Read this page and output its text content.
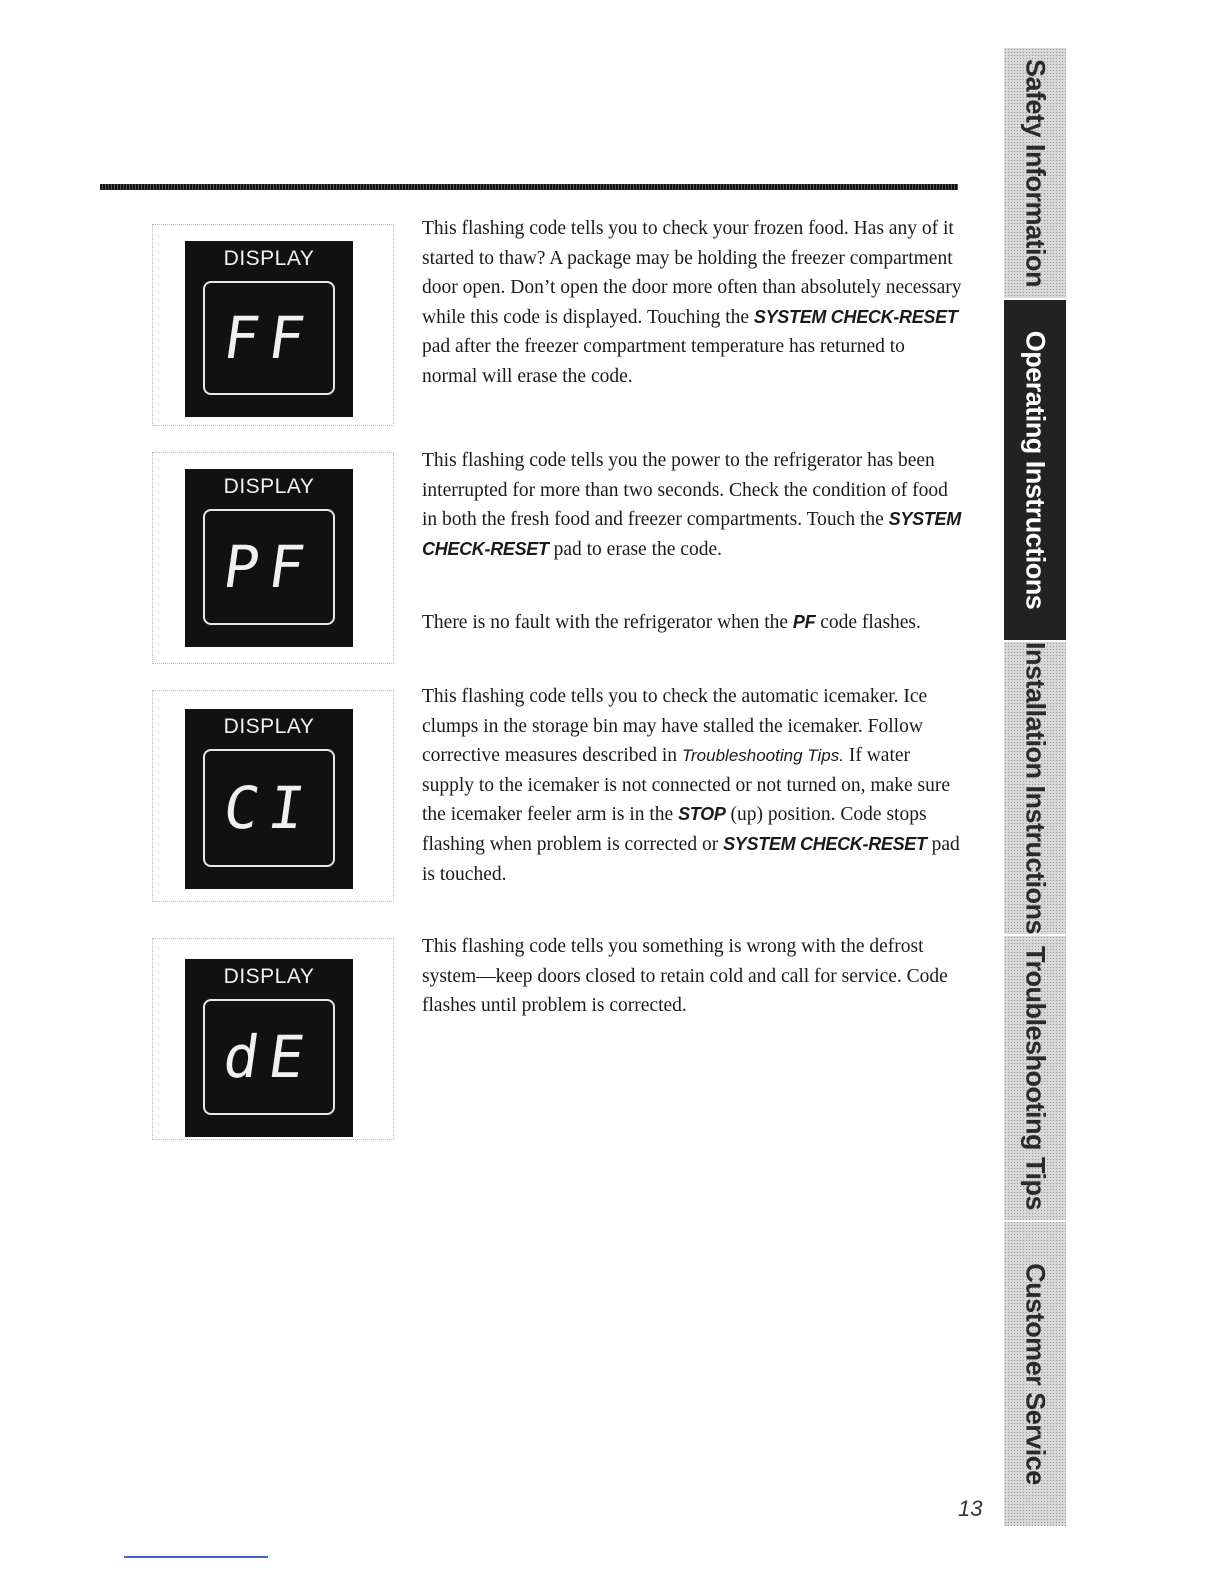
DISPLAY
FF
DISPLAY
PF
DISPLAY
CI
DISPLAY
dE

This flashing code tells you to check your frozen food. Has any of it started to thaw? A package may be holding the freezer compartment door open. Don’t open the door more often than absolutely necessary while this code is displayed. Touching the SYSTEM CHECK-RESET pad after the freezer compartment temperature has returned to normal will erase the code.

This flashing code tells you the power to the refrigerator has been interrupted for more than two seconds. Check the condition of food in both the fresh food and freezer compartments. Touch the SYSTEM CHECK-RESET pad to erase the code.

There is no fault with the refrigerator when the PF code flashes.

This flashing code tells you to check the automatic icemaker. Ice clumps in the storage bin may have stalled the icemaker. Follow corrective measures described in Troubleshooting Tips. If water supply to the icemaker is not connected or not turned on, make sure the icemaker feeler arm is in the STOP (up) position. Code stops flashing when problem is corrected or SYSTEM CHECK-RESET pad is touched.

This flashing code tells you something is wrong with the defrost system—keep doors closed to retain cold and call for service. Code flashes until problem is corrected.

Safety Information
Operating Instructions
Installation Instructions
Troubleshooting Tips
Customer Service
13
